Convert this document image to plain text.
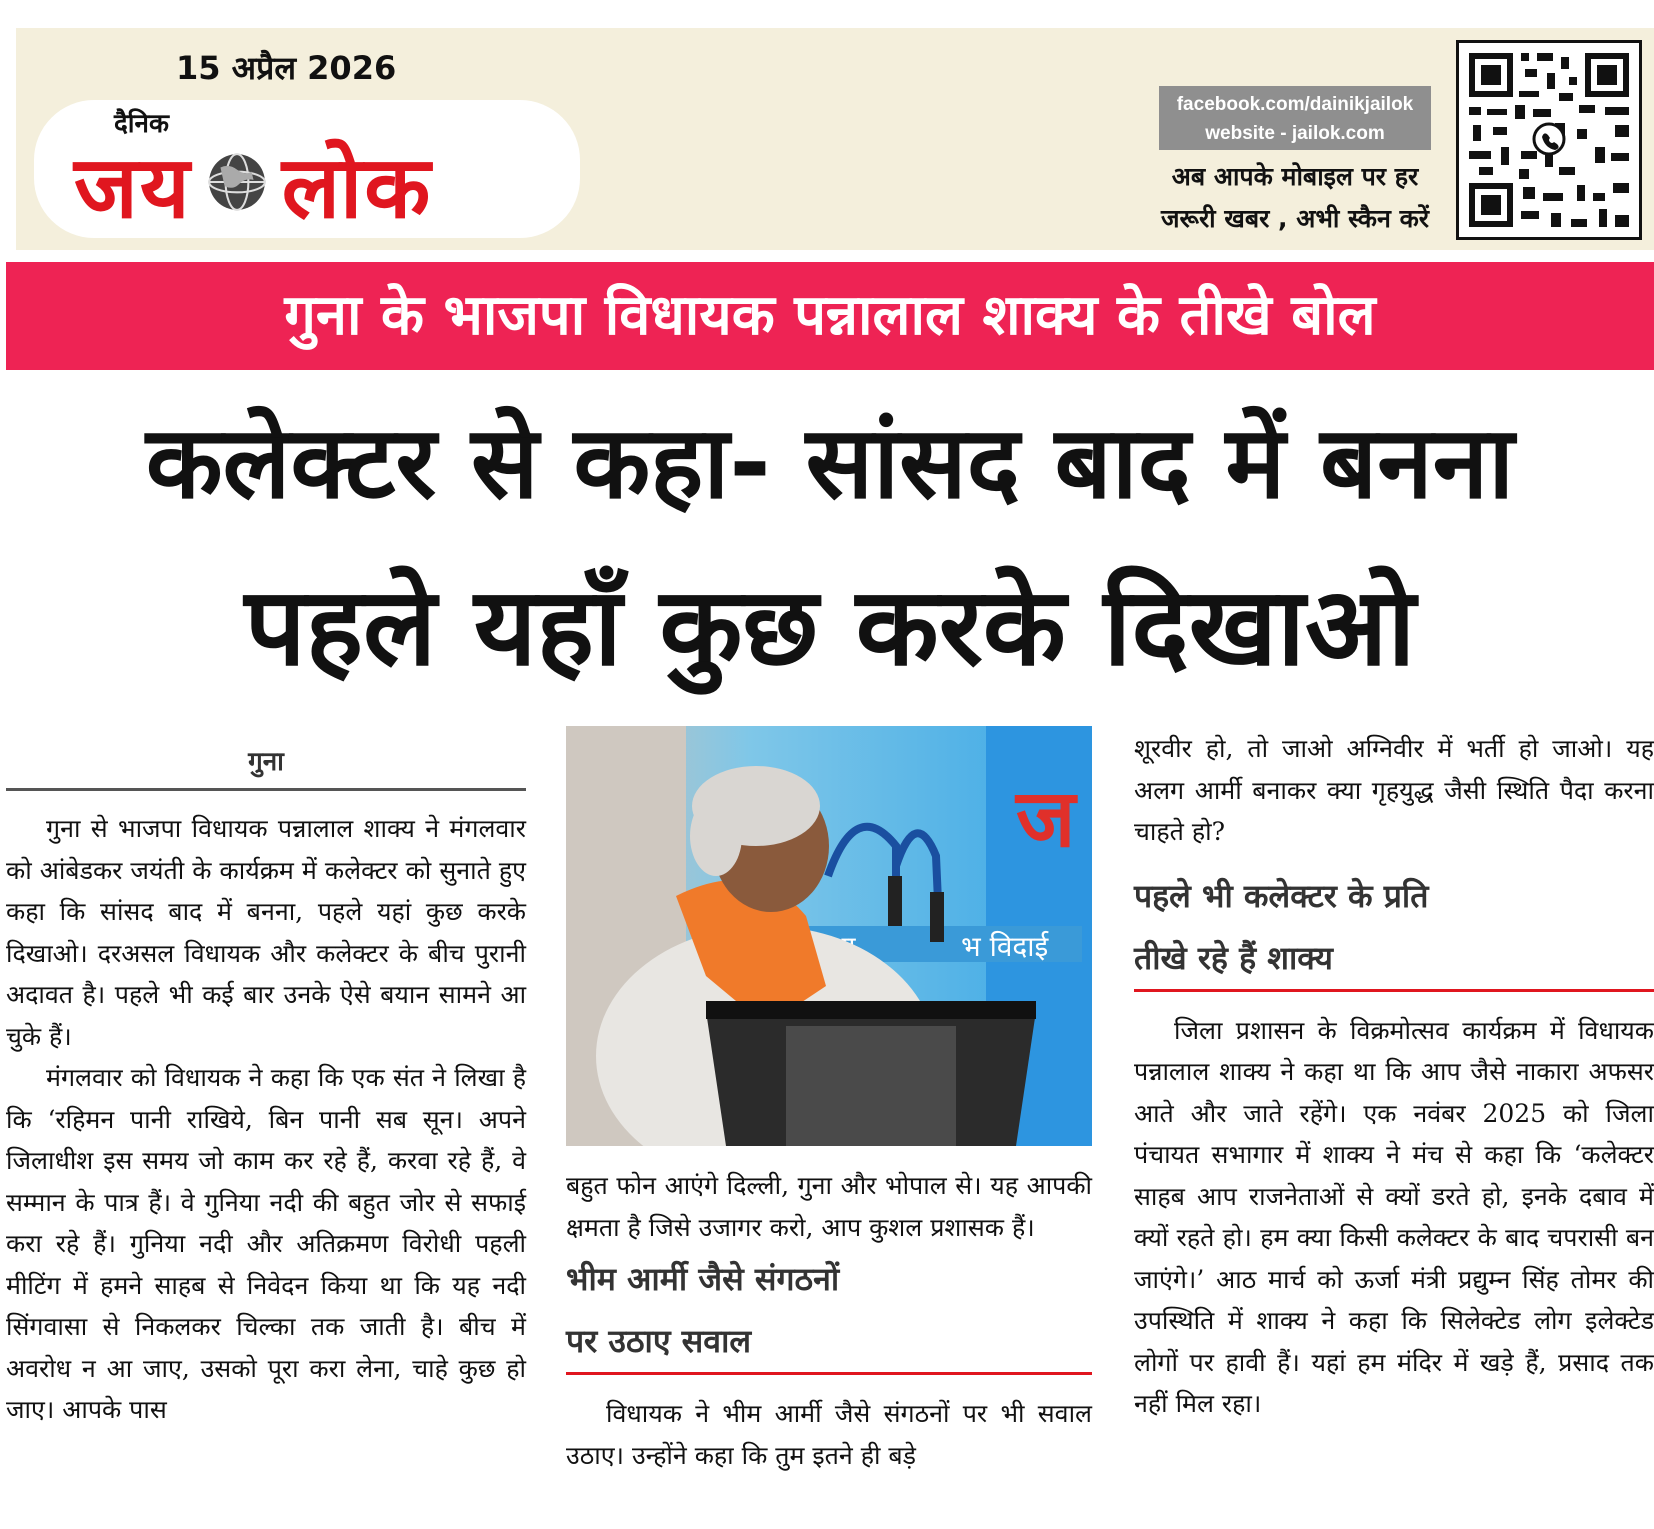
15 अप्रैल 2026
दैनिक
जय लोक
facebook.com/dainikjailok
website - jailok.com
अब आपके मोबाइल पर हर
जरूरी खबर , अभी स्कैन करें
गुना के भाजपा विधायक पन्नालाल शाक्य के तीखे बोल
कलेक्टर से कहा- सांसद बाद में बनना
पहले यहाँ कुछ करके दिखाओ
गुना

गुना से भाजपा विधायक पन्नालाल शाक्य ने मंगलवार को आंबेडकर जयंती के कार्यक्रम में कलेक्टर को सुनाते हुए कहा कि सांसद बाद में बनना, पहले यहां कुछ करके दिखाओ। दरअसल विधायक और कलेक्टर के बीच पुरानी अदावत है। पहले भी कई बार उनके ऐसे बयान सामने आ चुके हैं।

मंगलवार को विधायक ने कहा कि एक संत ने लिखा है कि ‘रहिमन पानी राखिये, बिन पानी सब सून। अपने जिलाधीश इस समय जो काम कर रहे हैं, करवा रहे हैं, वे सम्मान के पात्र हैं। वे गुनिया नदी की बहुत जोर से सफाई करा रहे हैं। गुनिया नदी और अतिक्रमण विरोधी पहली मीटिंग में हमने साहब से निवेदन किया था कि यह नदी सिंगवासा से निकलकर चिल्का तक जाती है। बीच में अवरोध न आ जाए, उसको पूरा करा लेना, चाहे कुछ हो जाए। आपके पास

ज
भ विदाई

बहुत फोन आएंगे दिल्ली, गुना और भोपाल से। यह आपकी क्षमता है जिसे उजागर करो, आप कुशल प्रशासक हैं।

भीम आर्मी जैसे संगठनों

पर उठाए सवाल

विधायक ने भीम आर्मी जैसे संगठनों पर भी सवाल उठाए। उन्होंने कहा कि तुम इतने ही बड़े

शूरवीर हो, तो जाओ अग्निवीर में भर्ती हो जाओ। यह अलग आर्मी बनाकर क्या गृहयुद्ध जैसी स्थिति पैदा करना चाहते हो?

पहले भी कलेक्टर के प्रति

तीखे रहे हैं शाक्य

जिला प्रशासन के विक्रमोत्सव कार्यक्रम में विधायक पन्नालाल शाक्य ने कहा था कि आप जैसे नाकारा अफसर आते और जाते रहेंगे। एक नवंबर 2025 को जिला पंचायत सभागार में शाक्य ने मंच से कहा कि ‘कलेक्टर साहब आप राजनेताओं से क्यों डरते हो, इनके दबाव में क्यों रहते हो। हम क्या किसी कलेक्टर के बाद चपरासी बन जाएंगे।’ आठ मार्च को ऊर्जा मंत्री प्रद्युम्न सिंह तोमर की उपस्थिति में शाक्य ने कहा कि सिलेक्टेड लोग इलेक्टेड लोगों पर हावी हैं। यहां हम मंदिर में खड़े हैं, प्रसाद तक नहीं मिल रहा।
